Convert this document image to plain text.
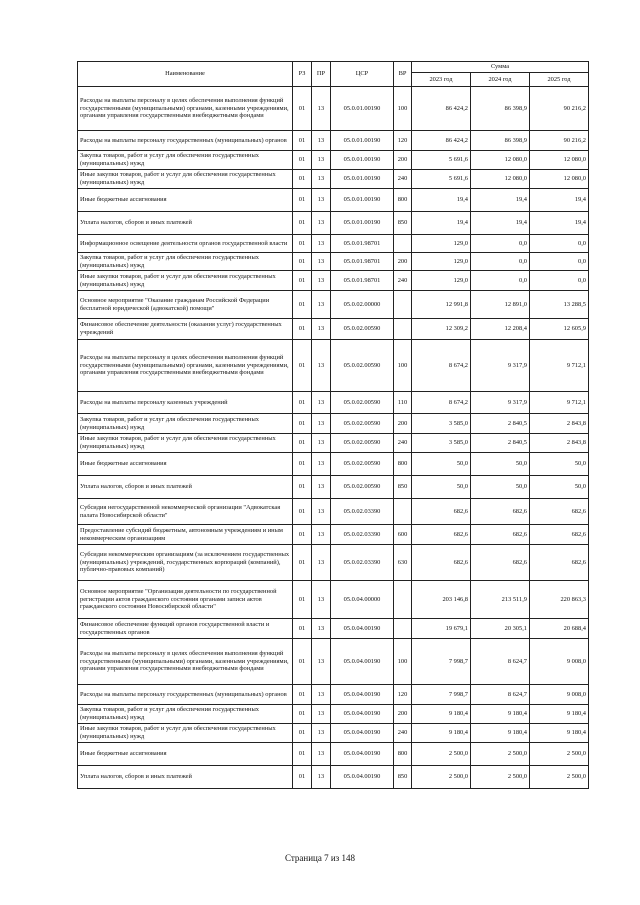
Наименование	РЗ	ПР	ЦСР	ВР	Сумма		
					2023 год	2024 год	2025 год
Расходы на выплаты персоналу в целях обеспечения выполнения функций государственными (муниципальными) органами, казенными учреждениями, органами управления государственными внебюджетными фондами	01	13	05.0.01.00190	100	86 424,2	86 398,9	90 216,2
Расходы на выплаты персоналу государственных (муниципальных) органов	01	13	05.0.01.00190	120	86 424,2	86 398,9	90 216,2
Закупка товаров, работ и услуг для обеспечения государственных (муниципальных) нужд	01	13	05.0.01.00190	200	5 691,6	12 080,0	12 080,0
Иные закупки товаров, работ и услуг для обеспечения государственных (муниципальных) нужд	01	13	05.0.01.00190	240	5 691,6	12 080,0	12 080,0
Иные бюджетные ассигнования	01	13	05.0.01.00190	800	19,4	19,4	19,4
Уплата налогов, сборов и иных платежей	01	13	05.0.01.00190	850	19,4	19,4	19,4
Информационное освещение деятельности органов государственной власти	01	13	05.0.01.98701		129,0	0,0	0,0
Закупка товаров, работ и услуг для обеспечения государственных (муниципальных) нужд	01	13	05.0.01.98701	200	129,0	0,0	0,0
Иные закупки товаров, работ и услуг для обеспечения государственных (муниципальных) нужд	01	13	05.0.01.98701	240	129,0	0,0	0,0
Основное мероприятие "Оказание гражданам Российской Федерации бесплатной юридической (адвокатской) помощи"	01	13	05.0.02.00000		12 991,8	12 891,0	13 288,5
Финансовое обеспечение деятельности (оказания услуг) государственных учреждений	01	13	05.0.02.00590		12 309,2	12 208,4	12 605,9
Расходы на выплаты персоналу в целях обеспечения выполнения функций государственными (муниципальными) органами, казенными учреждениями, органами управления государственными внебюджетными фондами	01	13	05.0.02.00590	100	8 674,2	9 317,9	9 712,1
Расходы на выплаты персоналу казенных учреждений	01	13	05.0.02.00590	110	8 674,2	9 317,9	9 712,1
Закупка товаров, работ и услуг для обеспечения государственных (муниципальных) нужд	01	13	05.0.02.00590	200	3 585,0	2 840,5	2 843,8
Иные закупки товаров, работ и услуг для обеспечения государственных (муниципальных) нужд	01	13	05.0.02.00590	240	3 585,0	2 840,5	2 843,8
Иные бюджетные ассигнования	01	13	05.0.02.00590	800	50,0	50,0	50,0
Уплата налогов, сборов и иных платежей	01	13	05.0.02.00590	850	50,0	50,0	50,0
Субсидия негосударственной некоммерческой организации "Адвокатская палата Новосибирской области"	01	13	05.0.02.03390		682,6	682,6	682,6
Предоставление субсидий бюджетным, автономным учреждениям и иным некоммерческим организациям	01	13	05.0.02.03390	600	682,6	682,6	682,6
Субсидии некоммерческим организациям (за исключением государственных (муниципальных) учреждений, государственных корпораций (компаний), публично-правовых компаний)	01	13	05.0.02.03390	630	682,6	682,6	682,6
Основное мероприятие "Организация деятельности по государственной регистрации актов гражданского состояния органами записи актов гражданского состояния Новосибирской области"	01	13	05.0.04.00000		203 146,8	213 511,9	220 863,3
Финансовое обеспечение функций органов государственной власти и государственных органов	01	13	05.0.04.00190		19 679,1	20 305,1	20 688,4
Расходы на выплаты персоналу в целях обеспечения выполнения функций государственными (муниципальными) органами, казенными учреждениями, органами управления государственными внебюджетными фондами	01	13	05.0.04.00190	100	7 998,7	8 624,7	9 008,0
Расходы на выплаты персоналу государственных (муниципальных) органов	01	13	05.0.04.00190	120	7 998,7	8 624,7	9 008,0
Закупка товаров, работ и услуг для обеспечения государственных (муниципальных) нужд	01	13	05.0.04.00190	200	9 180,4	9 180,4	9 180,4
Иные закупки товаров, работ и услуг для обеспечения государственных (муниципальных) нужд	01	13	05.0.04.00190	240	9 180,4	9 180,4	9 180,4
Иные бюджетные ассигнования	01	13	05.0.04.00190	800	2 500,0	2 500,0	2 500,0
Уплата налогов, сборов и иных платежей	01	13	05.0.04.00190	850	2 500,0	2 500,0	2 500,0
Страница 7 из 148
